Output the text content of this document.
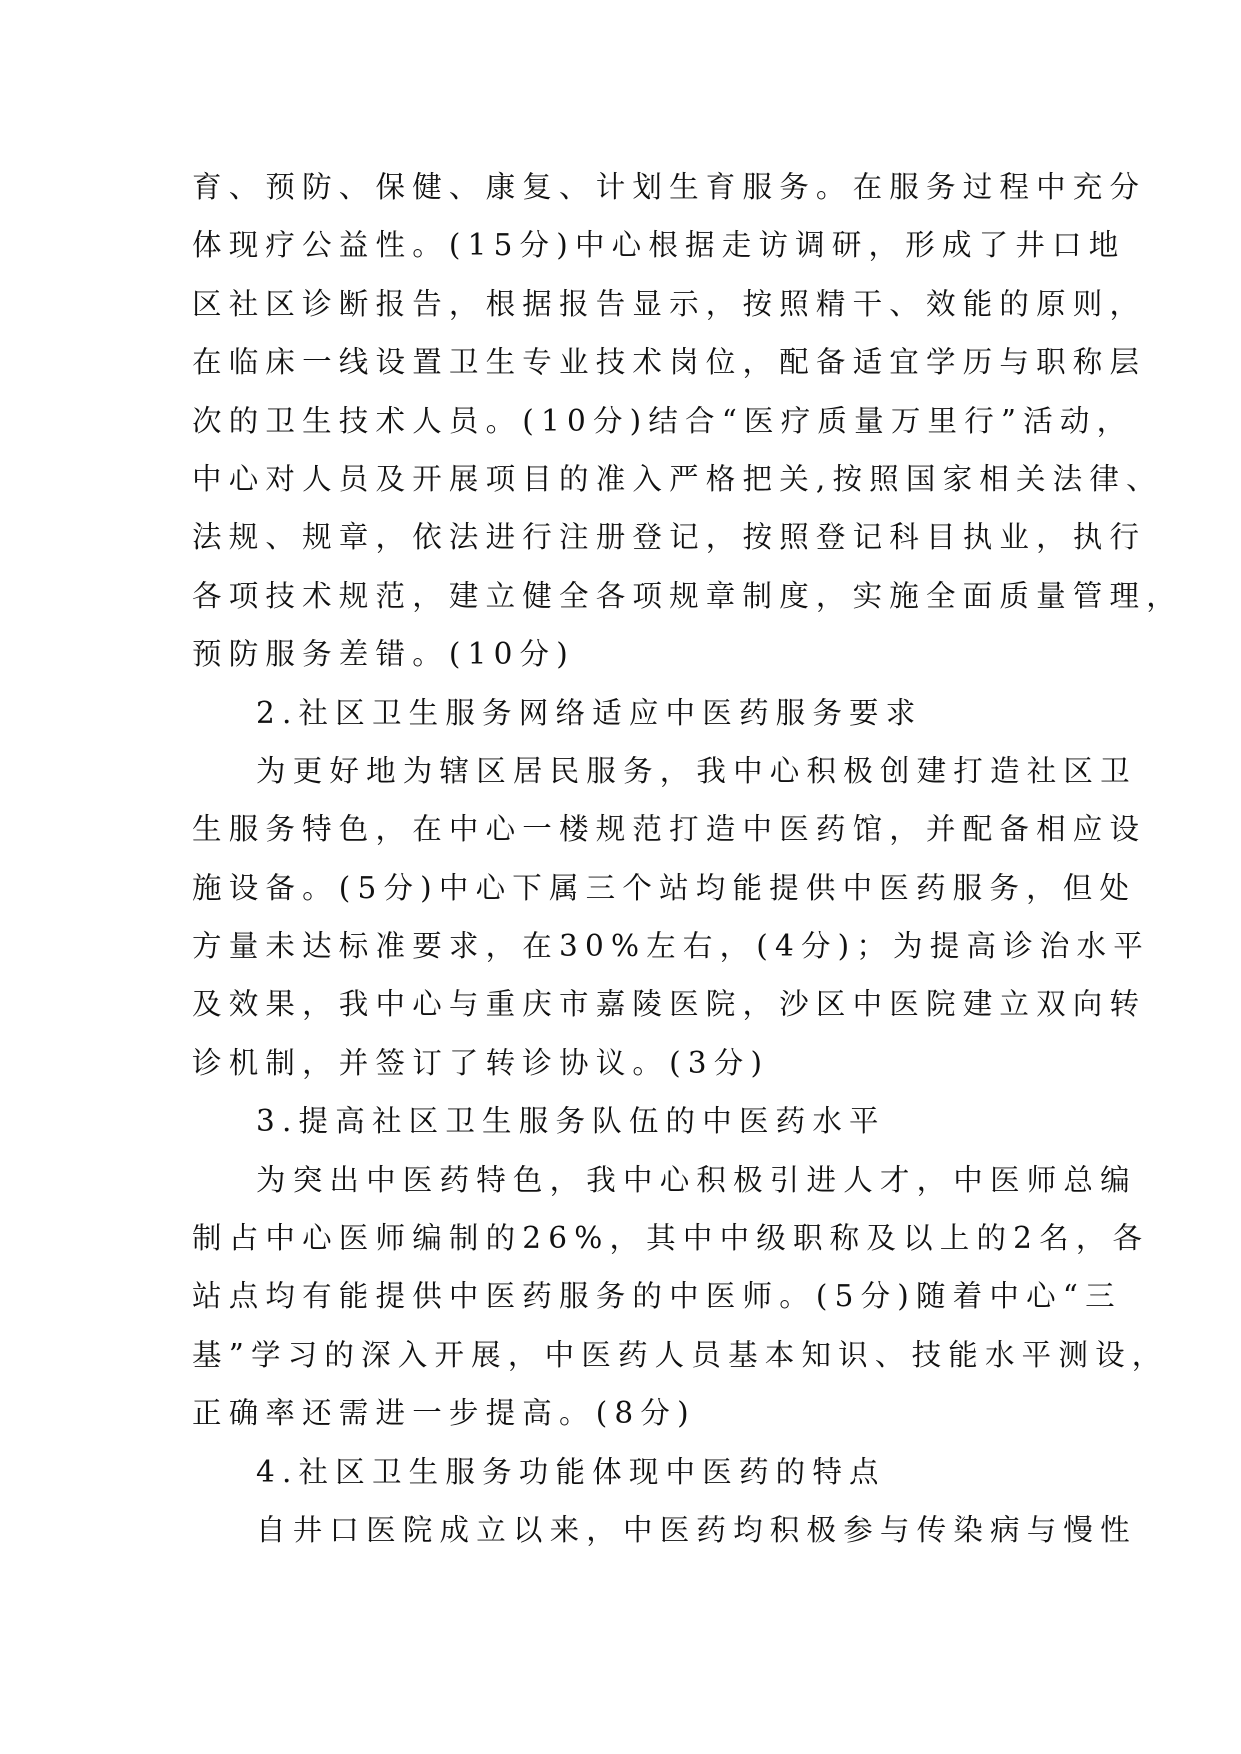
育、预防、保健、康复、计划生育服务。在服务过程中充分
体现疗公益性。(15分)中心根据走访调研，形成了井口地
区社区诊断报告，根据报告显示，按照精干、效能的原则，
在临床一线设置卫生专业技术岗位，配备适宜学历与职称层
次的卫生技术人员。(10分)结合“医疗质量万里行”活动，
中心对人员及开展项目的准入严格把关,按照国家相关法律、
法规、规章，依法进行注册登记，按照登记科目执业，执行
各项技术规范，建立健全各项规章制度，实施全面质量管理，
预防服务差错。(10分)
2.社区卫生服务网络适应中医药服务要求
为更好地为辖区居民服务，我中心积极创建打造社区卫
生服务特色，在中心一楼规范打造中医药馆，并配备相应设
施设备。(5分)中心下属三个站均能提供中医药服务，但处
方量未达标准要求，在30%左右，(4分)；为提高诊治水平
及效果，我中心与重庆市嘉陵医院，沙区中医院建立双向转
诊机制，并签订了转诊协议。(3分)
3.提高社区卫生服务队伍的中医药水平
为突出中医药特色，我中心积极引进人才，中医师总编
制占中心医师编制的26%，其中中级职称及以上的2名，各
站点均有能提供中医药服务的中医师。(5分)随着中心“三
基”学习的深入开展，中医药人员基本知识、技能水平测设，
正确率还需进一步提高。(8分)
4.社区卫生服务功能体现中医药的特点
自井口医院成立以来，中医药均积极参与传染病与慢性
